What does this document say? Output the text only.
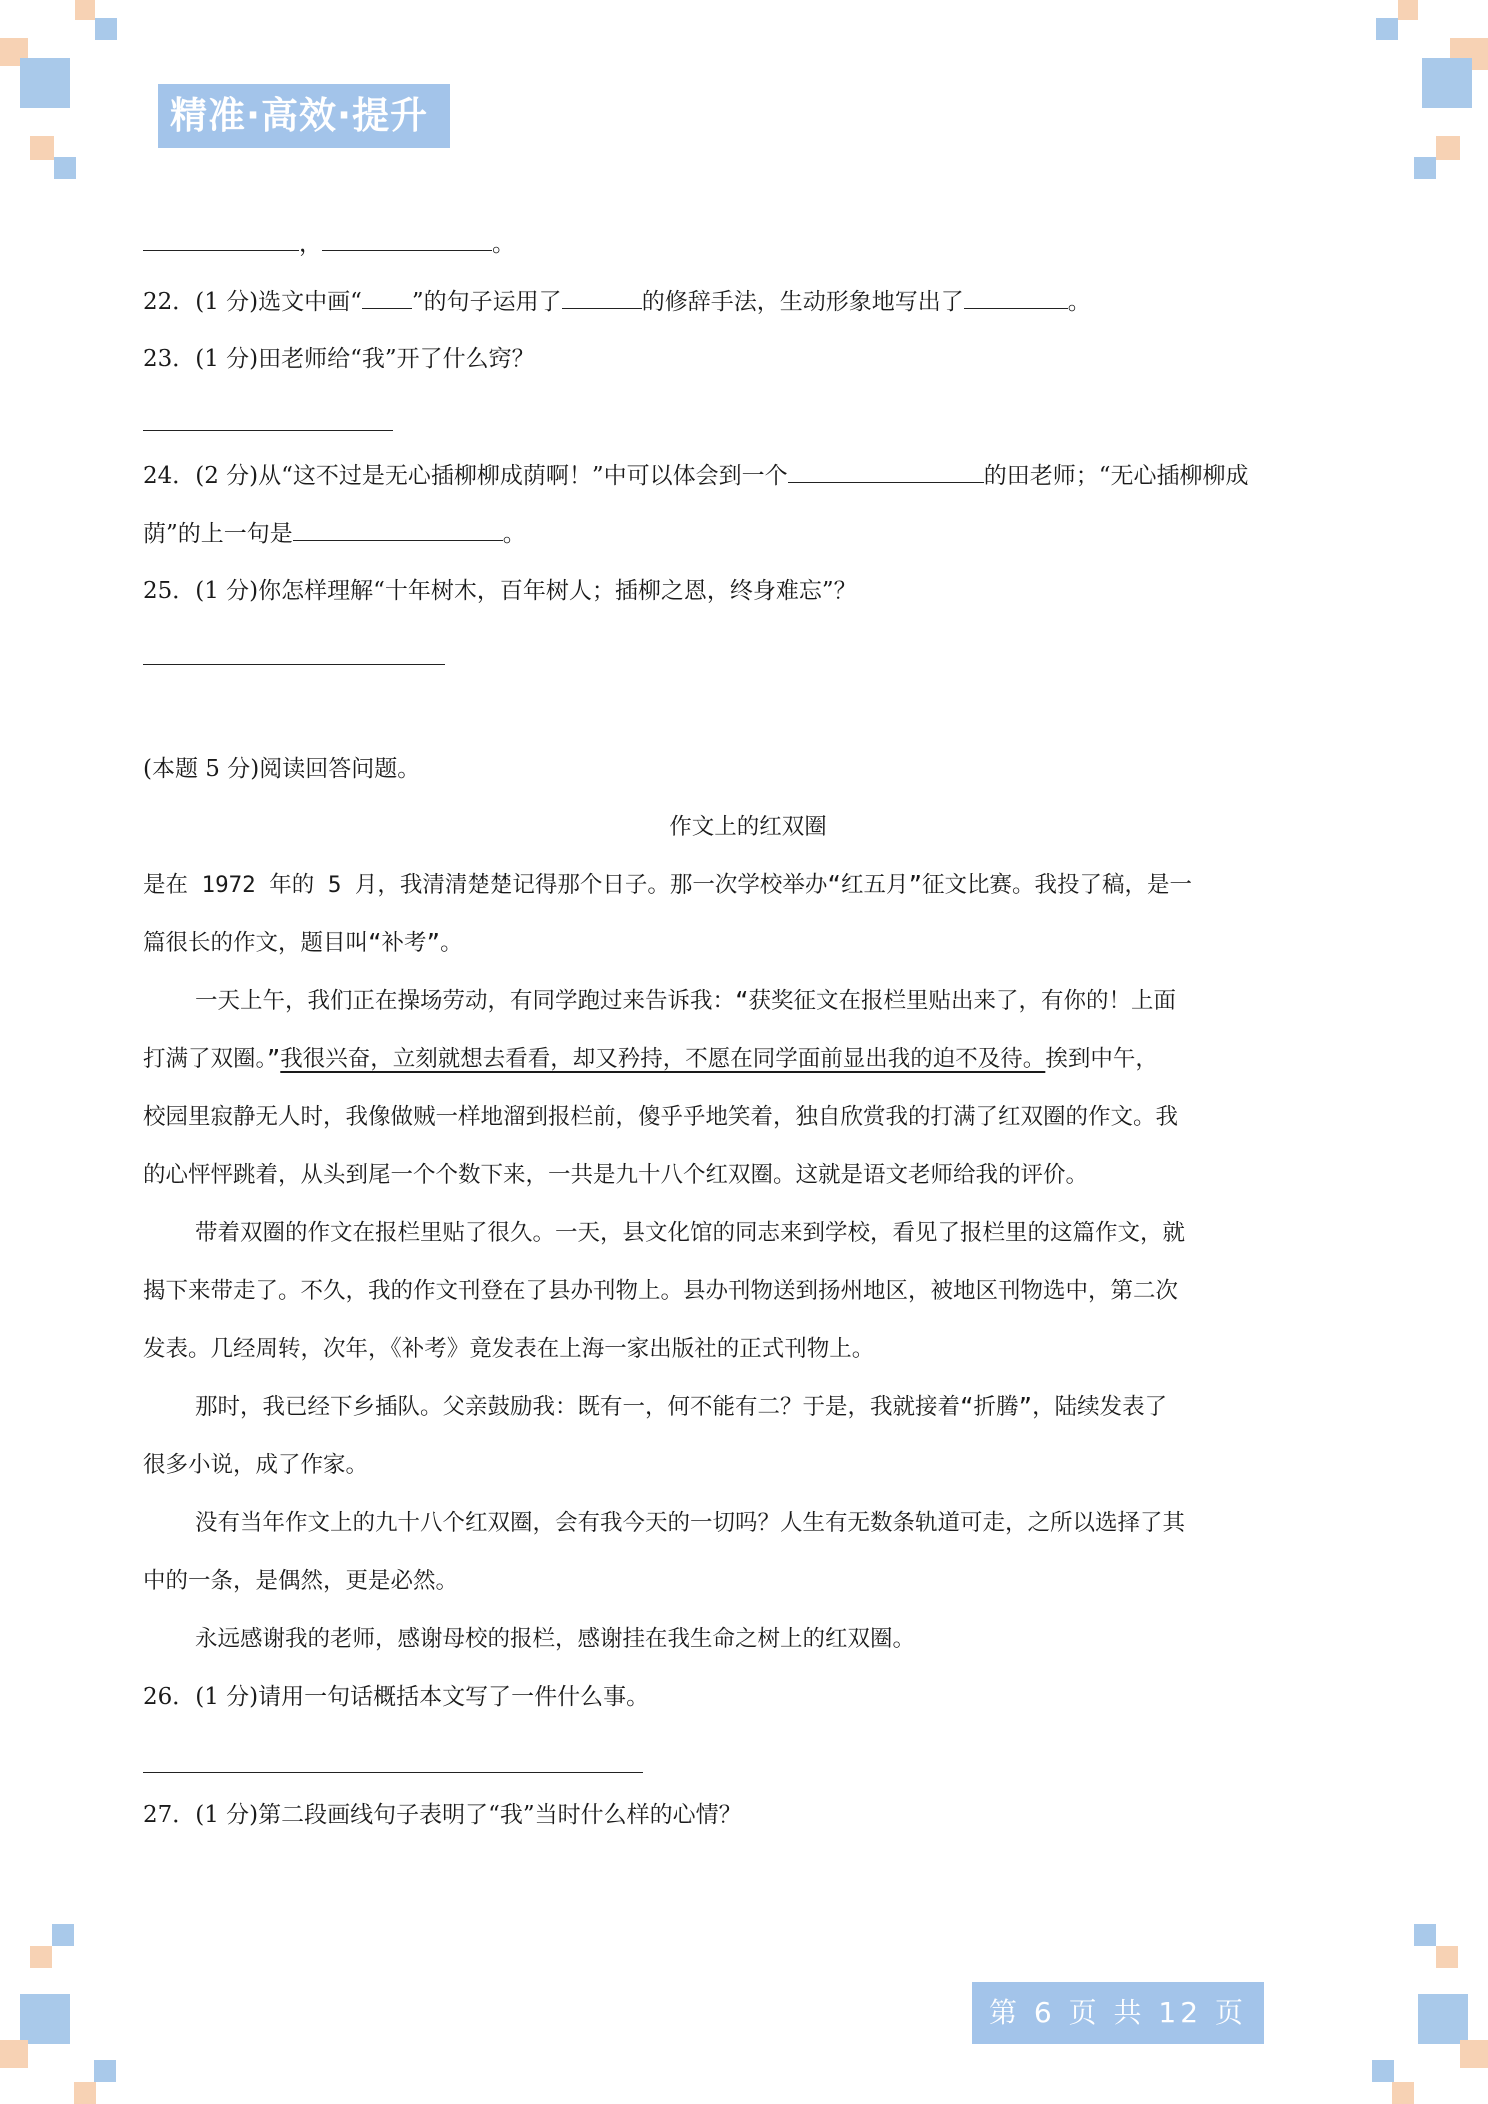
精准·高效·提升
，	。
22．(1 分)选文中画“ ”的句子运用了	的修辞手法，生动形象地写出了	。
23．(1 分)田老师给“我”开了什么窍？
24．(2 分)从“这不过是无心插柳柳成荫啊！”中可以体会到一个	的田老师；“无心插柳柳成
荫”的上一句是	。
25．(1 分)你怎样理解“十年树木，百年树人；插柳之恩，终身难忘”？
(本题 5 分)阅读回答问题。
作文上的红双圈
是在 1972 年的 5 月，我清清楚楚记得那个日子。那一次学校举办“红五月”征文比赛。我投了稿，是一
篇很长的作文，题目叫“补考”。
一天上午，我们正在操场劳动，有同学跑过来告诉我：“获奖征文在报栏里贴出来了，有你的！上面
打满了双圈。”我很兴奋，立刻就想去看看，却又矜持，不愿在同学面前显出我的迫不及待。挨到中午，
校园里寂静无人时，我像做贼一样地溜到报栏前，傻乎乎地笑着，独自欣赏我的打满了红双圈的作文。我
的心怦怦跳着，从头到尾一个个数下来，一共是九十八个红双圈。这就是语文老师给我的评价。
带着双圈的作文在报栏里贴了很久。一天，县文化馆的同志来到学校，看见了报栏里的这篇作文，就
揭下来带走了。不久，我的作文刊登在了县办刊物上。县办刊物送到扬州地区，被地区刊物选中，第二次
发表。几经周转，次年，《补考》竟发表在上海一家出版社的正式刊物上。
那时，我已经下乡插队。父亲鼓励我：既有一，何不能有二？于是，我就接着“折腾”，陆续发表了
很多小说，成了作家。
没有当年作文上的九十八个红双圈，会有我今天的一切吗？人生有无数条轨道可走，之所以选择了其
中的一条，是偶然，更是必然。
永远感谢我的老师，感谢母校的报栏，感谢挂在我生命之树上的红双圈。
26．(1 分)请用一句话概括本文写了一件什么事。
27．(1 分)第二段画线句子表明了“我”当时什么样的心情？
第 6 页 共 12 页
